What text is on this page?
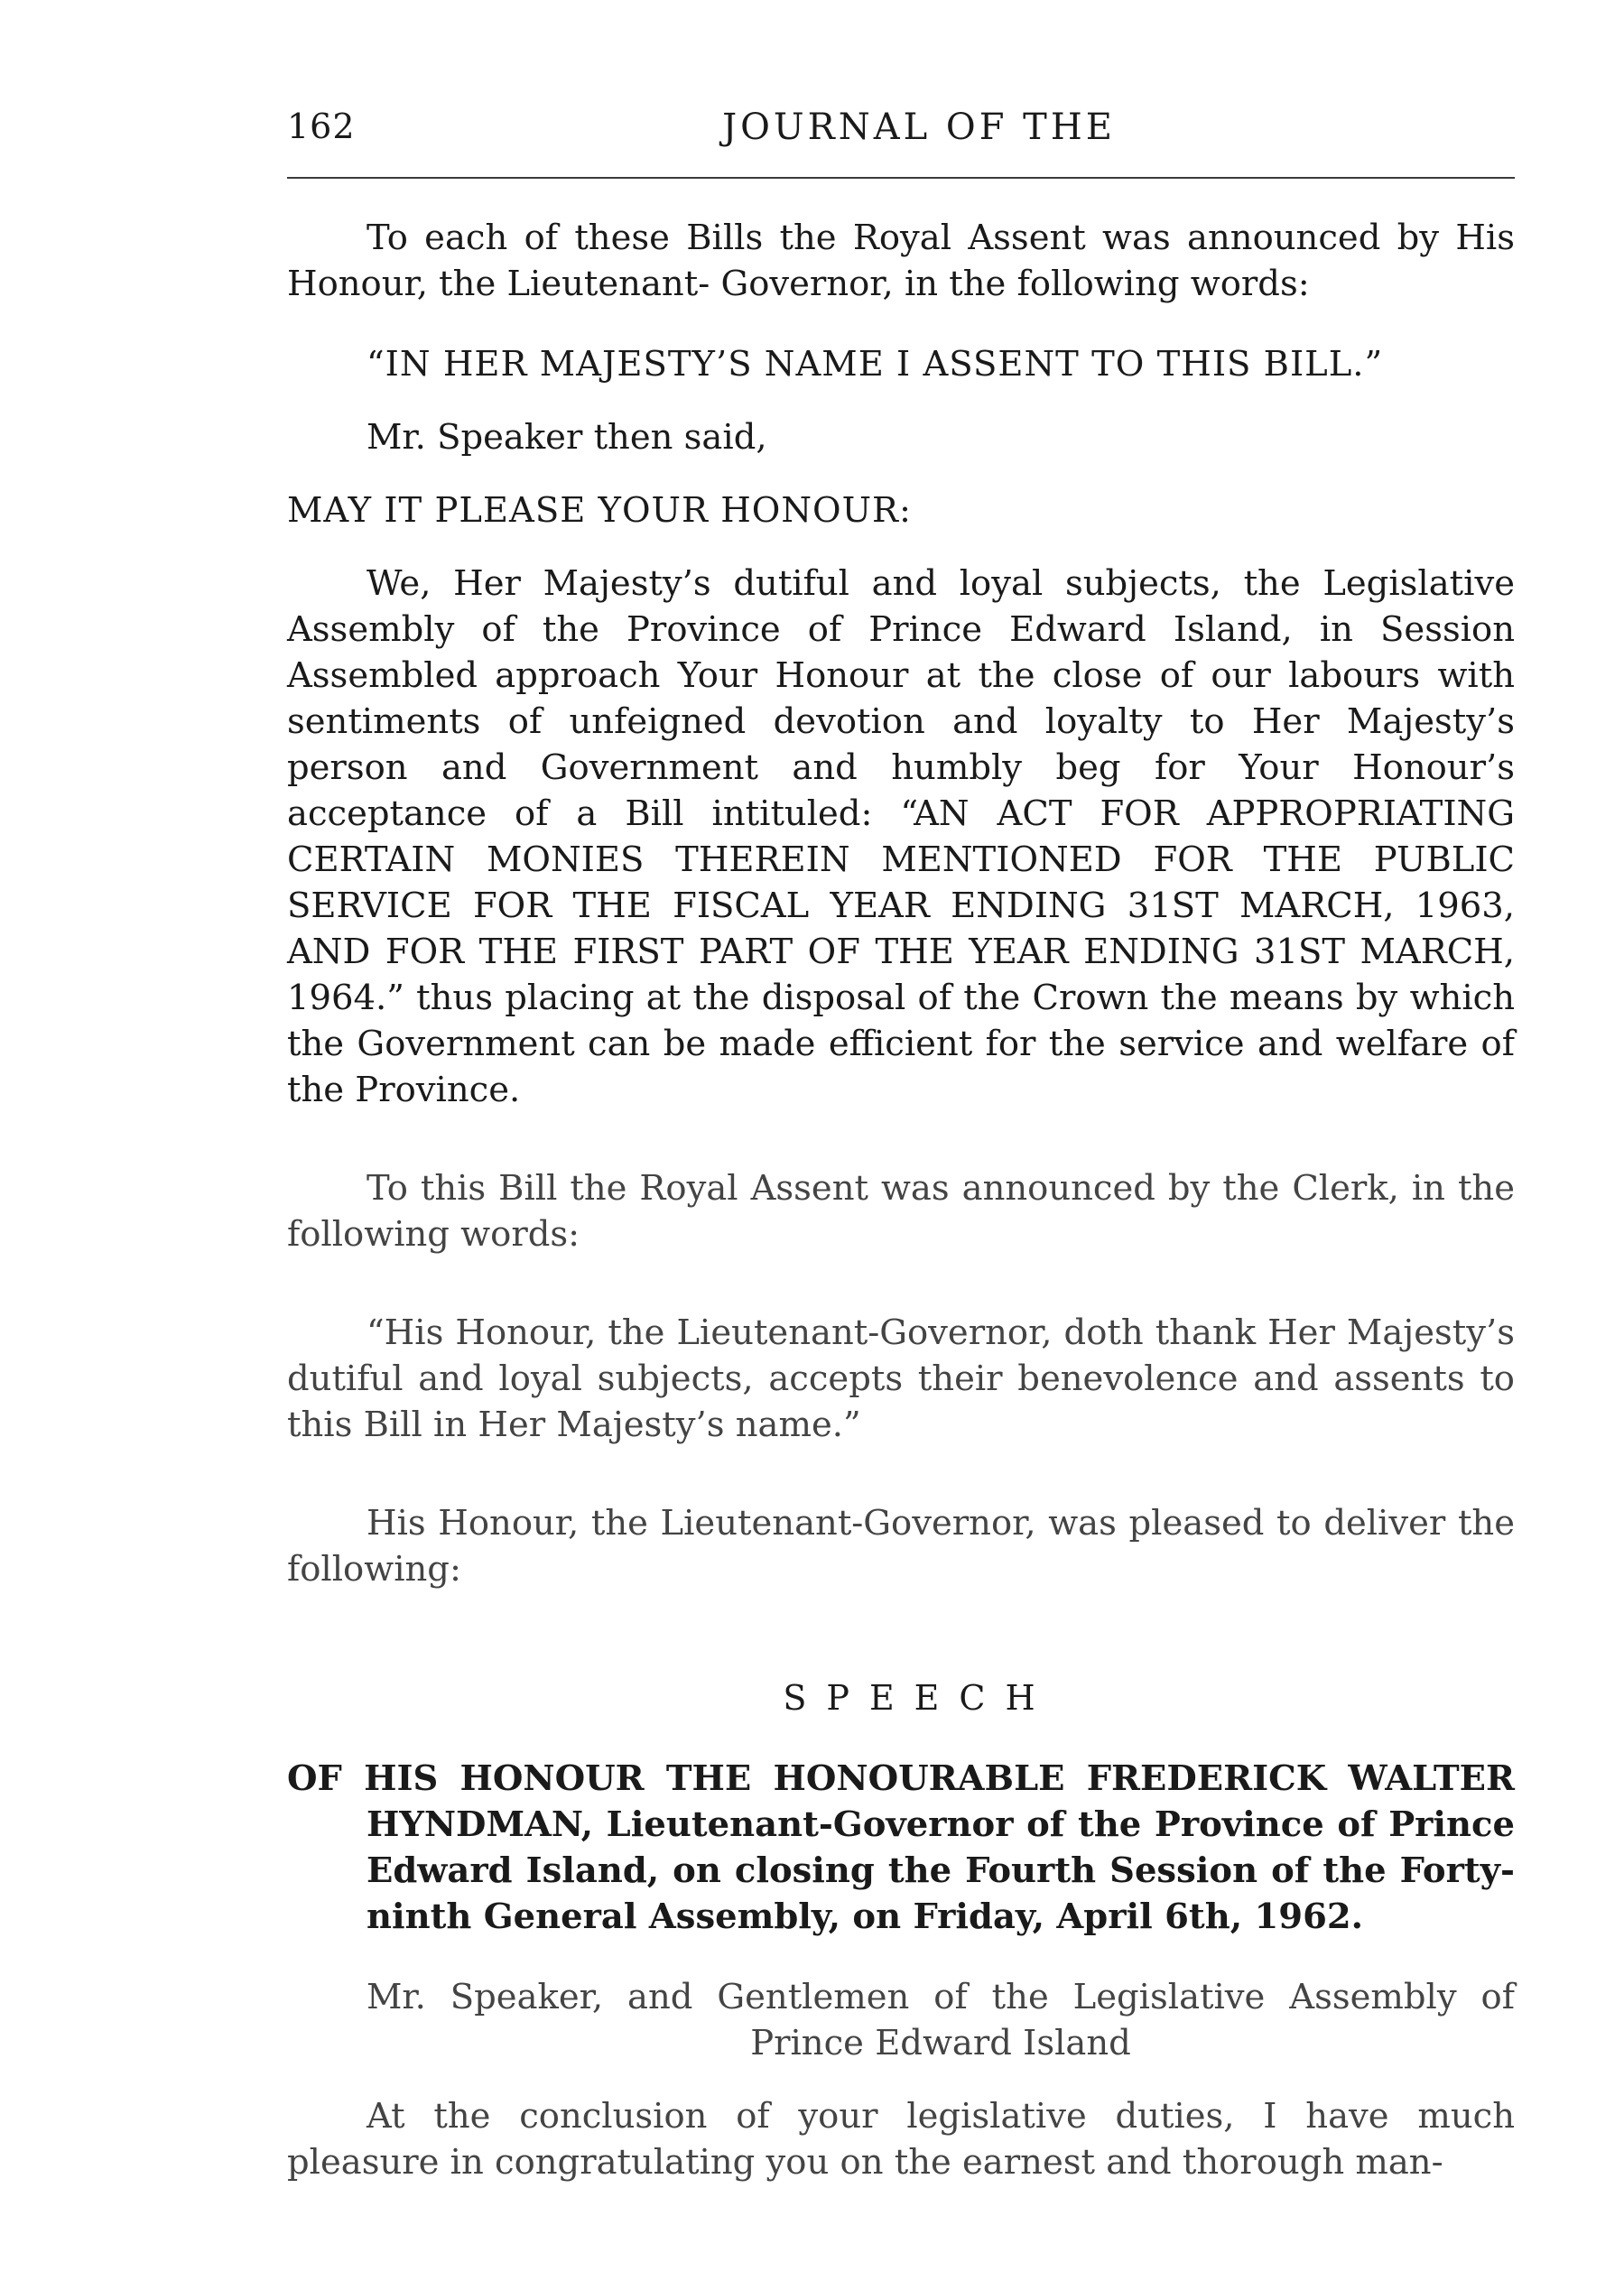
162	JOURNAL OF THE

To each of these Bills the Royal Assent was announced by His Honour, the Lieutenant- Governor, in the following words:

“IN HER MAJESTY’S NAME I ASSENT TO THIS BILL.”

Mr. Speaker then said,

MAY IT PLEASE YOUR HONOUR:

We, Her Majesty’s dutiful and loyal subjects, the Legislative Assembly of the Province of Prince Edward Island, in Session Assembled approach Your Honour at the close of our labours with sentiments of unfeigned devotion and loyalty to Her Majesty’s person and Government and humbly beg for Your Honour’s acceptance of a Bill intituled: “AN ACT FOR APPROPRIATING CERTAIN MONIES THEREIN MENTIONED FOR THE PUBLIC SERVICE FOR THE FISCAL YEAR ENDING 31ST MARCH, 1963, AND FOR THE FIRST PART OF THE YEAR ENDING 31ST MARCH, 1964.” thus placing at the disposal of the Crown the means by which the Government can be made efficient for the service and welfare of the Province.

To this Bill the Royal Assent was announced by the Clerk, in the following words:

“His Honour, the Lieutenant-Governor, doth thank Her Majesty’s dutiful and loyal subjects, accepts their benevolence and assents to this Bill in Her Majesty’s name.”

His Honour, the Lieutenant-Governor, was pleased to deliver the following:

SPEECH

OF HIS HONOUR THE HONOURABLE FREDERICK WALTER HYNDMAN, Lieutenant-Governor of the Province of Prince Edward Island, on closing the Fourth Session of the Forty-ninth General Assembly, on Friday, April 6th, 1962.

Mr. Speaker, and Gentlemen of the Legislative Assembly of
Prince Edward Island

At the conclusion of your legislative duties, I have much pleasure in congratulating you on the earnest and thorough man-
